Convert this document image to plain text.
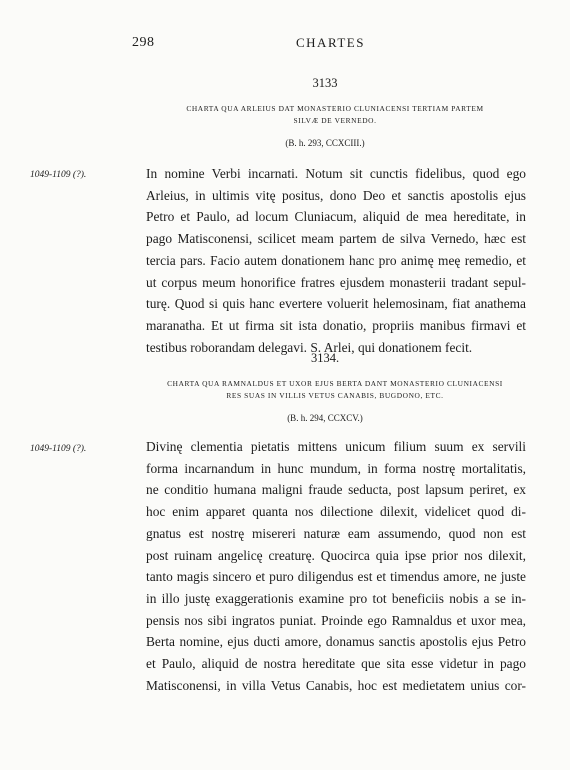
298	CHARTES
3133
CHARTA QUA ARLEIUS DAT MONASTERIO CLUNIACENSI TERTIAM PARTEM
SILVÆ DE VERNEDO.
(B. h. 293, CCXCIII.)
1049-1109 (?).	In nomine Verbi incarnati. Notum sit cunctis fidelibus, quod ego
Arleius, in ultimis vitę positus, dono Deo et sanctis apostolis ejus
Petro et Paulo, ad locum Cluniacum, aliquid de mea hereditate, in
pago Matisconensi, scilicet meam partem de silva Vernedo, hæc est
tercia pars. Facio autem donationem hanc pro animę meę remedio, et
ut corpus meum honorifice fratres ejusdem monasterii tradant sepul-
turę. Quod si quis hanc evertere voluerit helemosinam, fiat anathema
maranatha. Et ut firma sit ista donatio, propriis manibus firmavi et
testibus roborandam delegavi. S. Arlei, qui donationem fecit.
3134.
CHARTA QUA RAMNALDUS ET UXOR EJUS BERTA DANT MONASTERIO CLUNIACENSI
RES SUAS IN VILLIS VETUS CANABIS, BUGDONO, ETC.
(B. h. 294, CCXCV.)
1049-1109 (?).	Divinę clementia pietatis mittens unicum filium suum ex servili
forma incarnandum in hunc mundum, in forma nostrę mortalitatis,
ne conditio humana maligni fraude seducta, post lapsum periret, ex
hoc enim apparet quanta nos dilectione dilexit, videlicet quod di-
gnatus est nostrę misereri naturæ eam assumendo, quod non est
post ruinam angelicę creaturę. Quocirca quia ipse prior nos dilexit,
tanto magis sincero et puro diligendus est et timendus amore, ne juste
in illo justę exaggerationis examine pro tot beneficiis nobis a se in-
pensis nos sibi ingratos puniat. Proinde ego Ramnaldus et uxor mea,
Berta nomine, ejus ducti amore, donamus sanctis apostolis ejus Petro
et Paulo, aliquid de nostra hereditate que sita esse videtur in pago
Matisconensi, in villa Vetus Canabis, hoc est medietatem unius cor-
